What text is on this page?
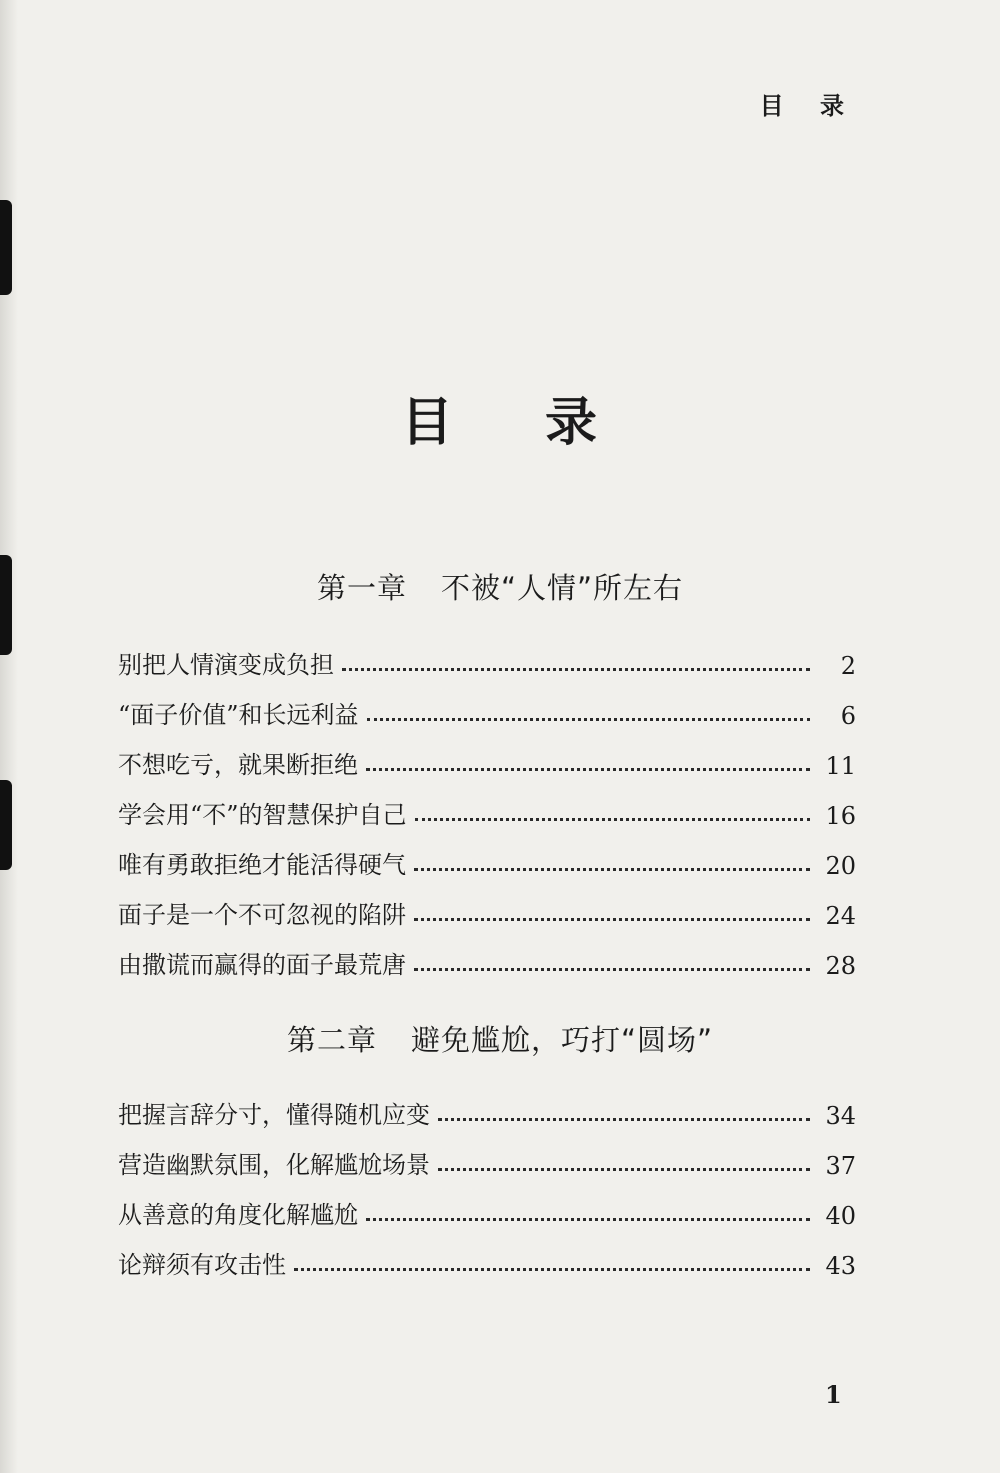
目 录
目 录
第一章 不被“人情”所左右
别把人情演变成负担	2
“面子价值”和长远利益	6
不想吃亏，就果断拒绝	11
学会用“不”的智慧保护自己	16
唯有勇敢拒绝才能活得硬气	20
面子是一个不可忽视的陷阱	24
由撒谎而赢得的面子最荒唐	28
第二章 避免尴尬，巧打“圆场”
把握言辞分寸，懂得随机应变	34
营造幽默氛围，化解尴尬场景	37
从善意的角度化解尴尬	40
论辩须有攻击性	43
1
